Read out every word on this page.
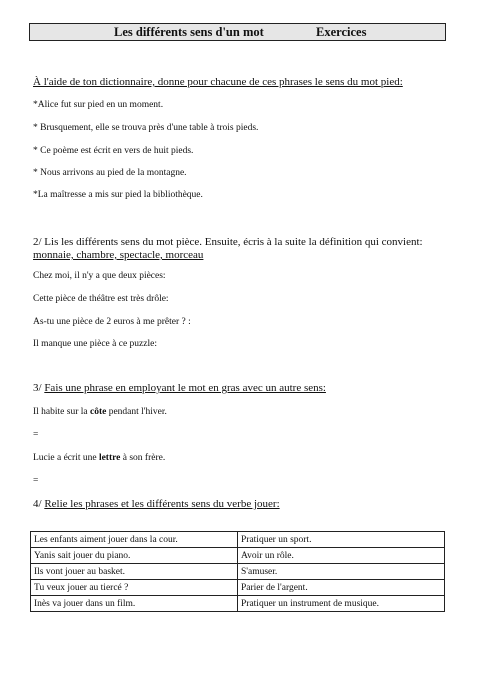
Les différents sens d'un mot	Exercices
À l'aide de ton dictionnaire, donne pour chacune de ces phrases le sens du mot pied:
*Alice fut sur pied en un moment.
* Brusquement, elle se trouva près d'une table à trois pieds.
* Ce poème est écrit en vers de huit pieds.
* Nous arrivons au pied de la montagne.
*La maîtresse a mis sur pied la bibliothèque.
2/ Lis les différents sens du mot pièce. Ensuite, écris à la suite la définition qui convient:
monnaie, chambre, spectacle, morceau
Chez moi, il n'y a que deux pièces:
Cette pièce de théâtre est très drôle:
As-tu une pièce de 2 euros à me prêter ? :
Il manque une pièce à ce puzzle:
3/ Fais une phrase en employant le mot en gras avec un autre sens:
Il habite sur la côte pendant l'hiver.
=
Lucie a écrit une lettre à son frère.
=
4/ Relie les phrases et les différents sens du verbe jouer:
Les enfants aiment jouer dans la cour.	Pratiquer un sport.
Yanis sait jouer du piano.	Avoir un rôle.
Ils vont jouer au basket.	S'amuser.
Tu veux jouer au tiercé ?	Parier de l'argent.
Inès va jouer dans un film.	Pratiquer un instrument de musique.
